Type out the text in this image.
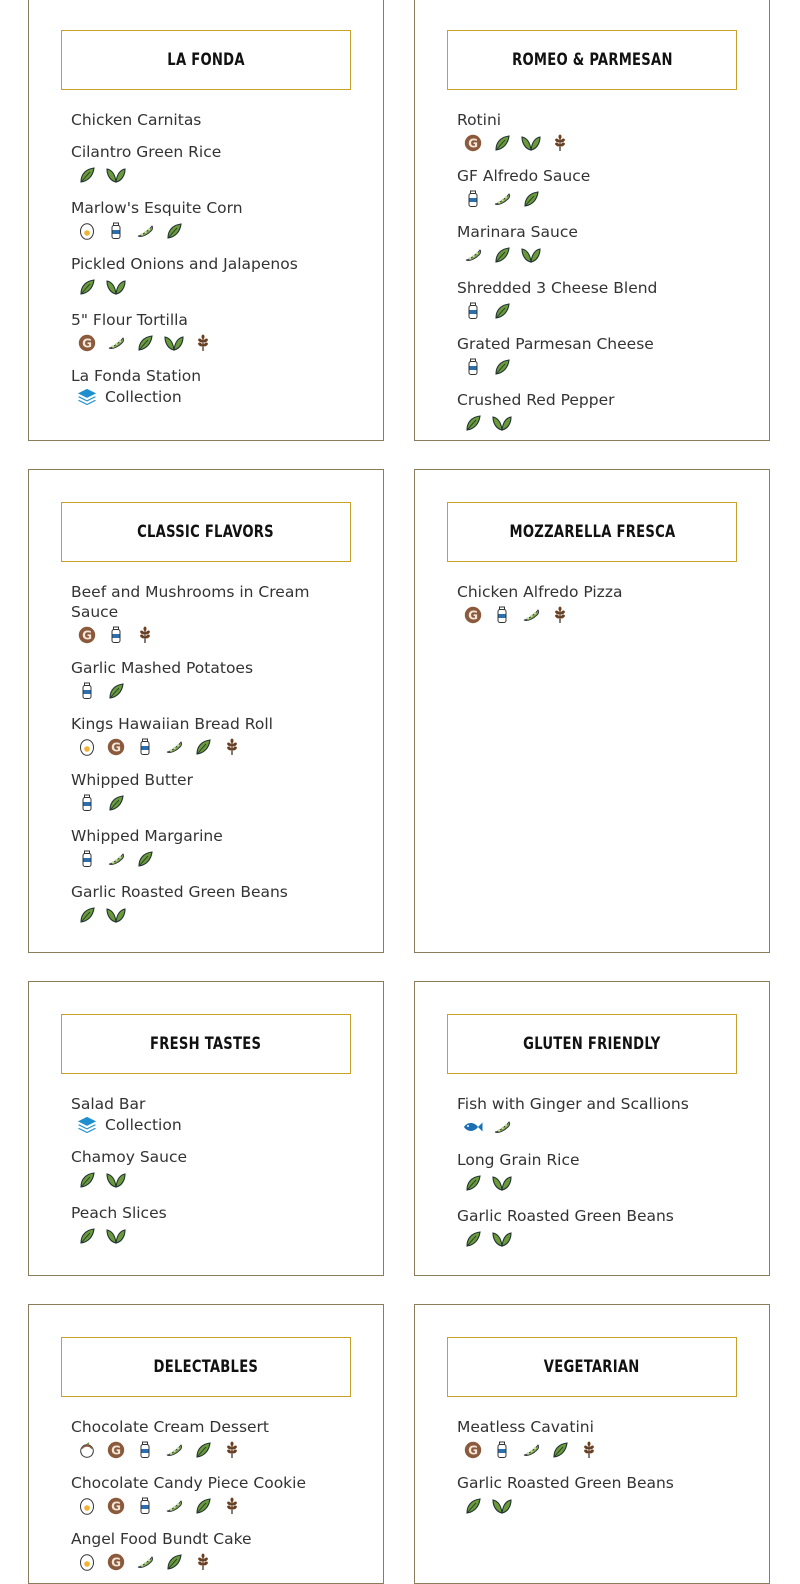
LA FONDA
Chicken Carnitas
Cilantro Green Rice
Marlow's Esquite Corn
Pickled Onions and Jalapenos
5" Flour Tortilla
G
La Fonda Station
Collection
ROMEO & PARMESAN
Rotini
G
GF Alfredo Sauce
Marinara Sauce
Shredded 3 Cheese Blend
Grated Parmesan Cheese
Crushed Red Pepper
CLASSIC FLAVORS
Beef and Mushrooms in Cream Sauce
G
Garlic Mashed Potatoes
Kings Hawaiian Bread Roll
G
Whipped Butter
Whipped Margarine
Garlic Roasted Green Beans
MOZZARELLA FRESCA
Chicken Alfredo Pizza
G
FRESH TASTES
Salad Bar
Collection
Chamoy Sauce
Peach Slices
GLUTEN FRIENDLY
Fish with Ginger and Scallions
Long Grain Rice
Garlic Roasted Green Beans
DELECTABLES
Chocolate Cream Dessert
G
Chocolate Candy Piece Cookie
G
Angel Food Bundt Cake
G
VEGETARIAN
Meatless Cavatini
G
Garlic Roasted Green Beans
